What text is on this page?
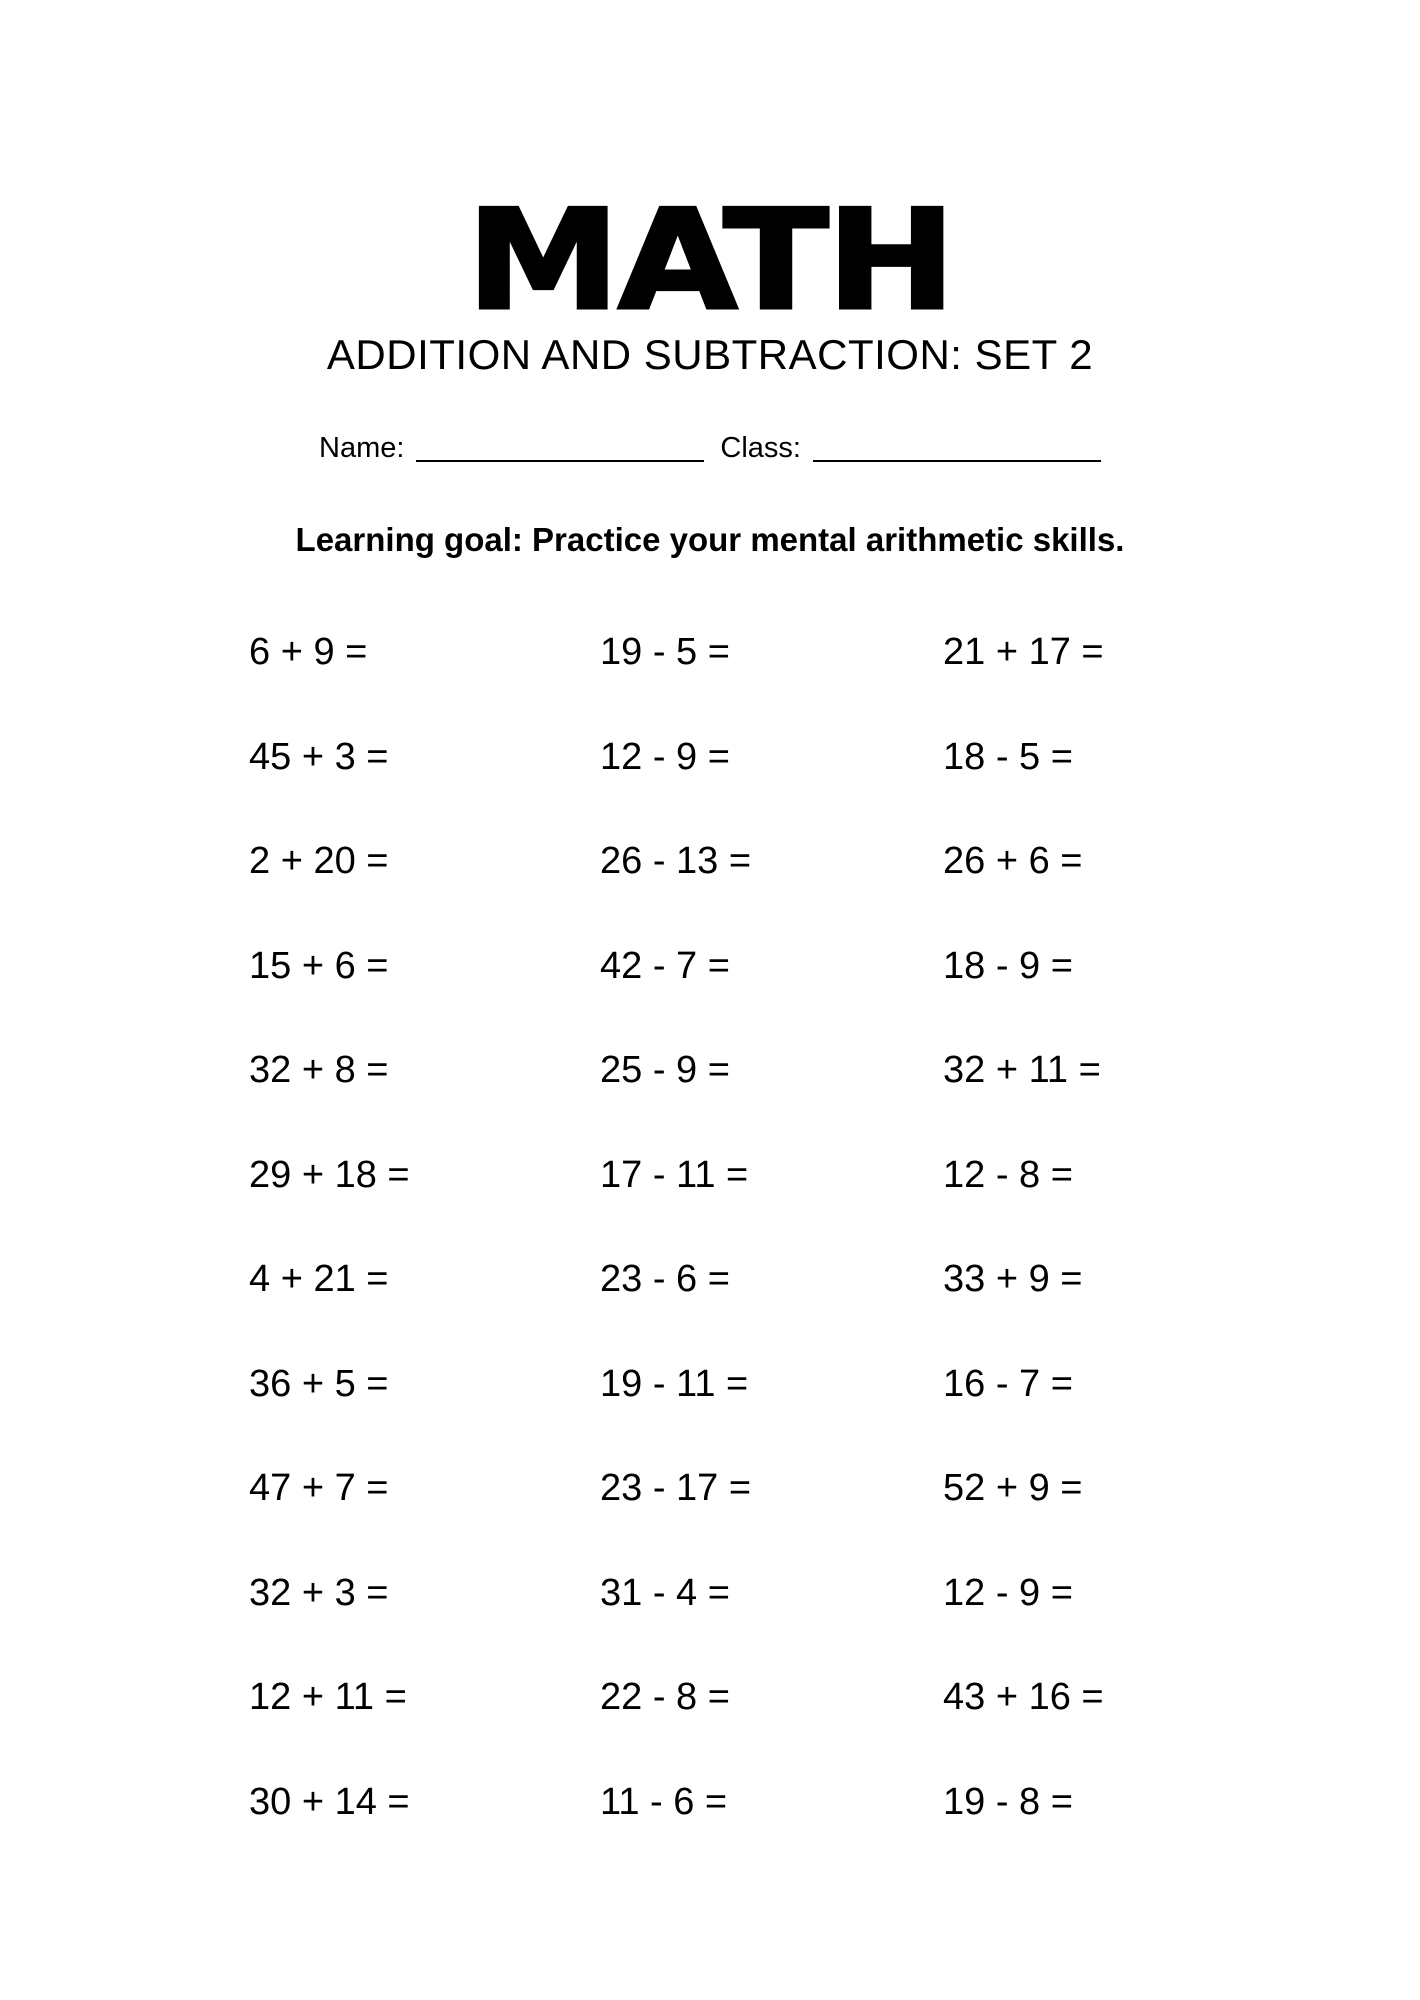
MATH
ADDITION AND SUBTRACTION: SET 2
Name:	Class:
Learning goal: Practice your mental arithmetic skills.
6 + 9 =	19 - 5 =	21 + 17 =
45 + 3 =	12 - 9 =	18 - 5 =
2 + 20 =	26 - 13 =	26 + 6 =
15 + 6 =	42 - 7 =	18 - 9 =
32 + 8 =	25 - 9 =	32 + 11 =
29 + 18 =	17 - 11 =	12 - 8 =
4 + 21 =	23 - 6 =	33 + 9 =
36 + 5 =	19 - 11 =	16 - 7 =
47 + 7 =	23 - 17 =	52 + 9 =
32 + 3 =	31 - 4 =	12 - 9 =
12 + 11 =	22 - 8 =	43 + 16 =
30 + 14 =	11 - 6 =	19 - 8 =
